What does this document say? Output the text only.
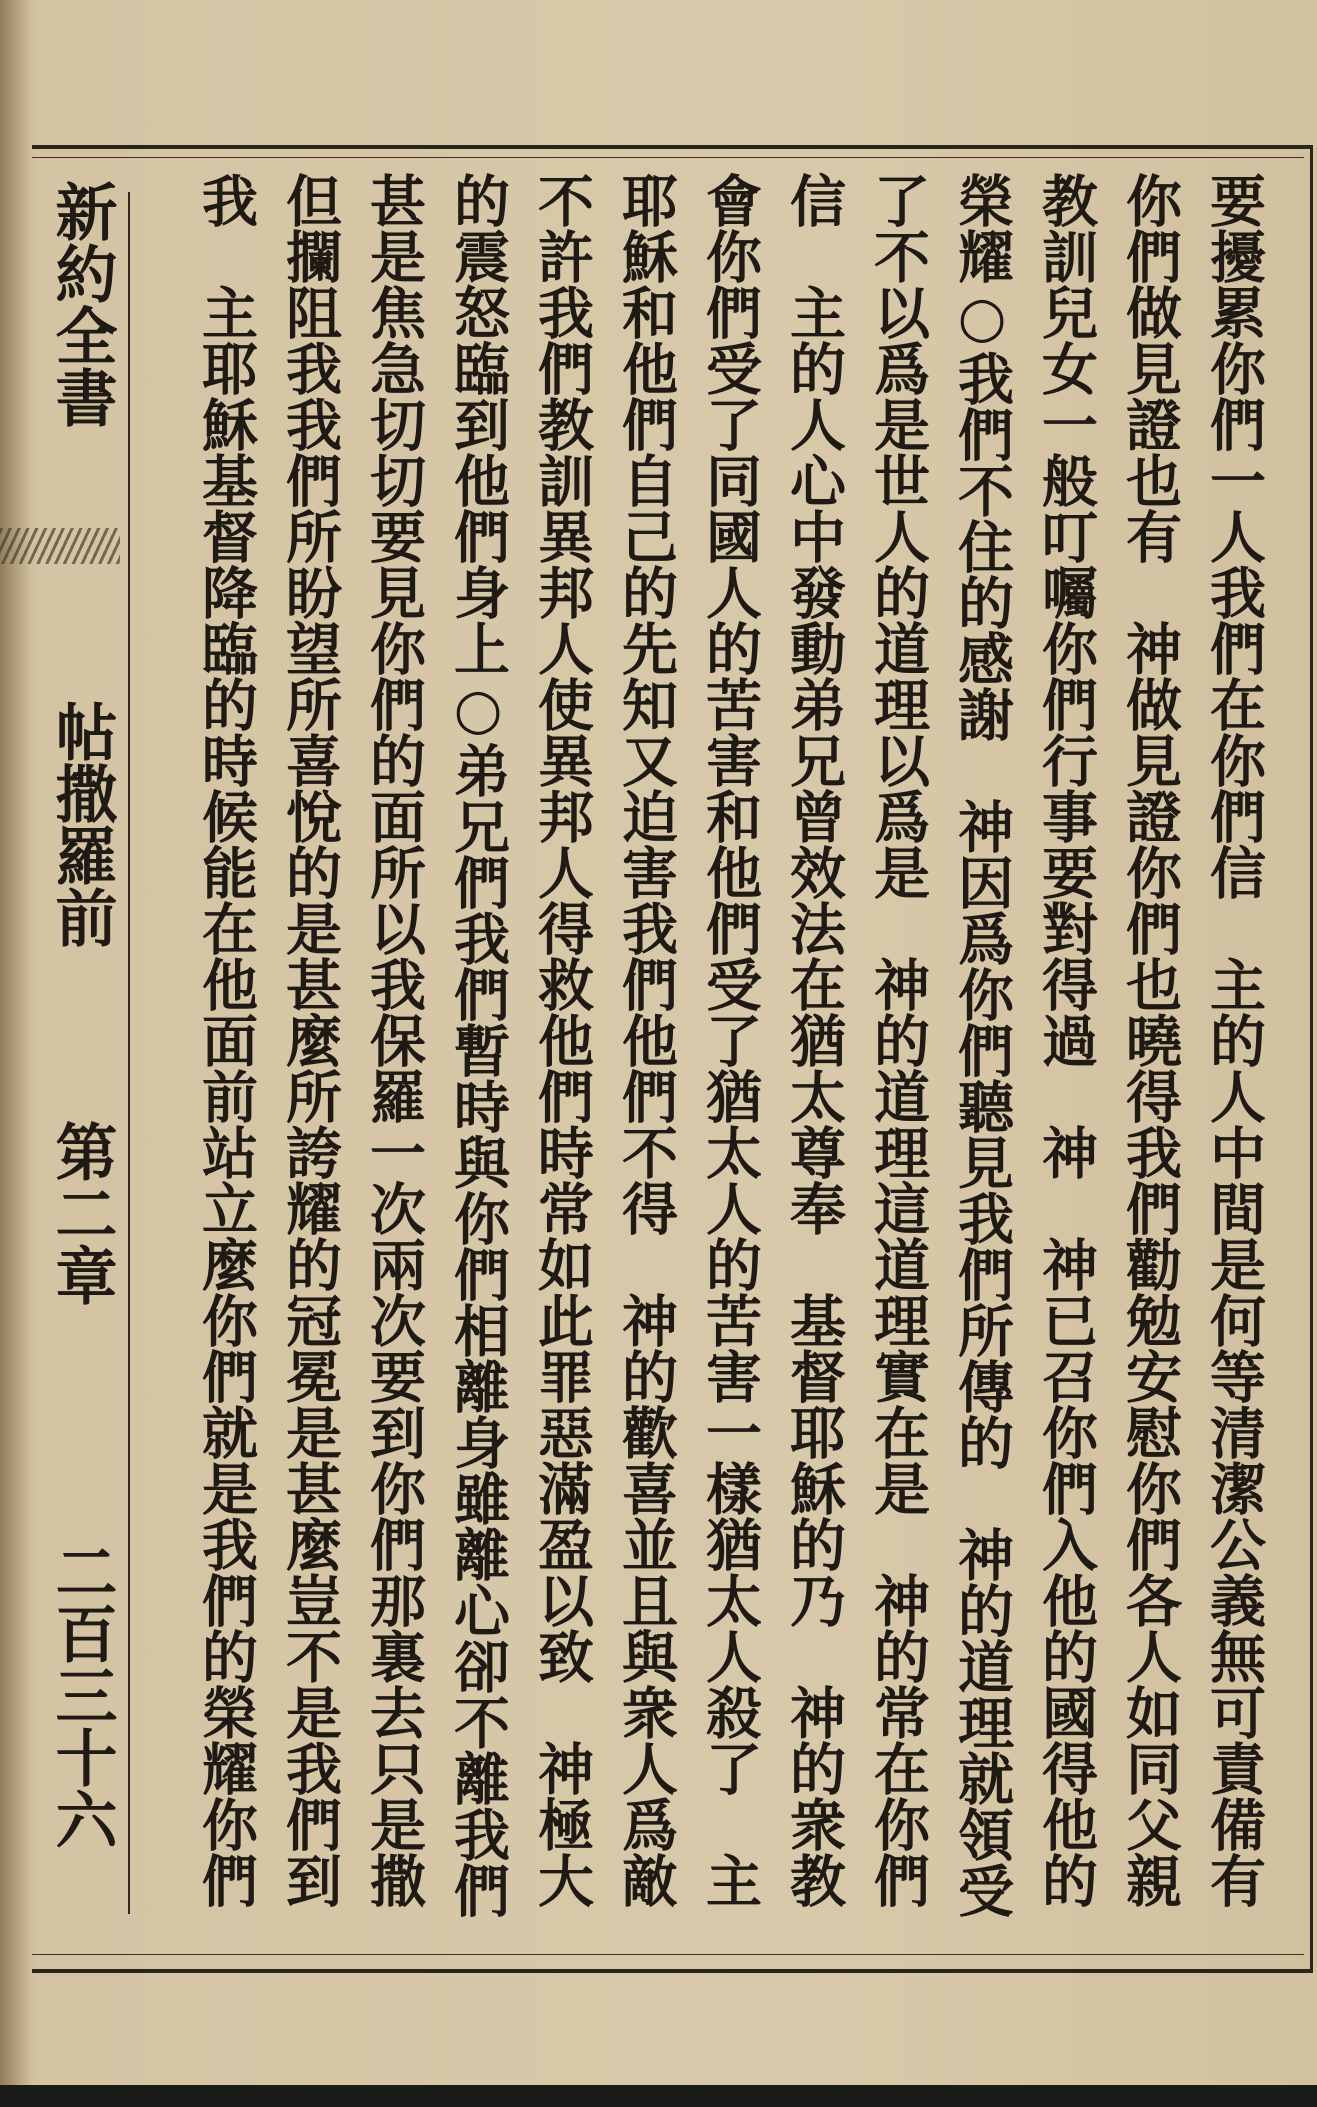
新約全書
帖撒羅前
第二章
二百三十六	要擾累你們一人我們在你們信　主的人中間是何等清潔公義無可責備有
你們做見證也有　神做見證你們也曉得我們勸勉安慰你們各人如同父親
教訓兒女一般叮囑你們行事要對得過　神　神已召你們入他的國得他的
榮耀○我們不住的感謝　神因爲你們聽見我們所傳的　神的道理就領受
了不以爲是世人的道理以爲是　神的道理這道理實在是　神的常在你們
信　主的人心中發動弟兄曾效法在猶太尊奉　基督耶穌的乃　神的衆教
會你們受了同國人的苦害和他們受了猶太人的苦害一樣猶太人殺了　主
耶穌和他們自己的先知又迫害我們他們不得　神的歡喜並且與衆人爲敵
不許我們教訓異邦人使異邦人得救他們時常如此罪惡滿盈以致　神極大
的震怒臨到他們身上○弟兄們我們暫時與你們相離身雖離心卻不離我們
甚是焦急切切要見你們的面所以我保羅一次兩次要到你們那裏去只是撒
但攔阻我我們所盼望所喜悅的是甚麼所誇耀的冠冕是甚麼豈不是我們到
我　主耶穌基督降臨的時候能在他面前站立麼你們就是我們的榮耀你們
